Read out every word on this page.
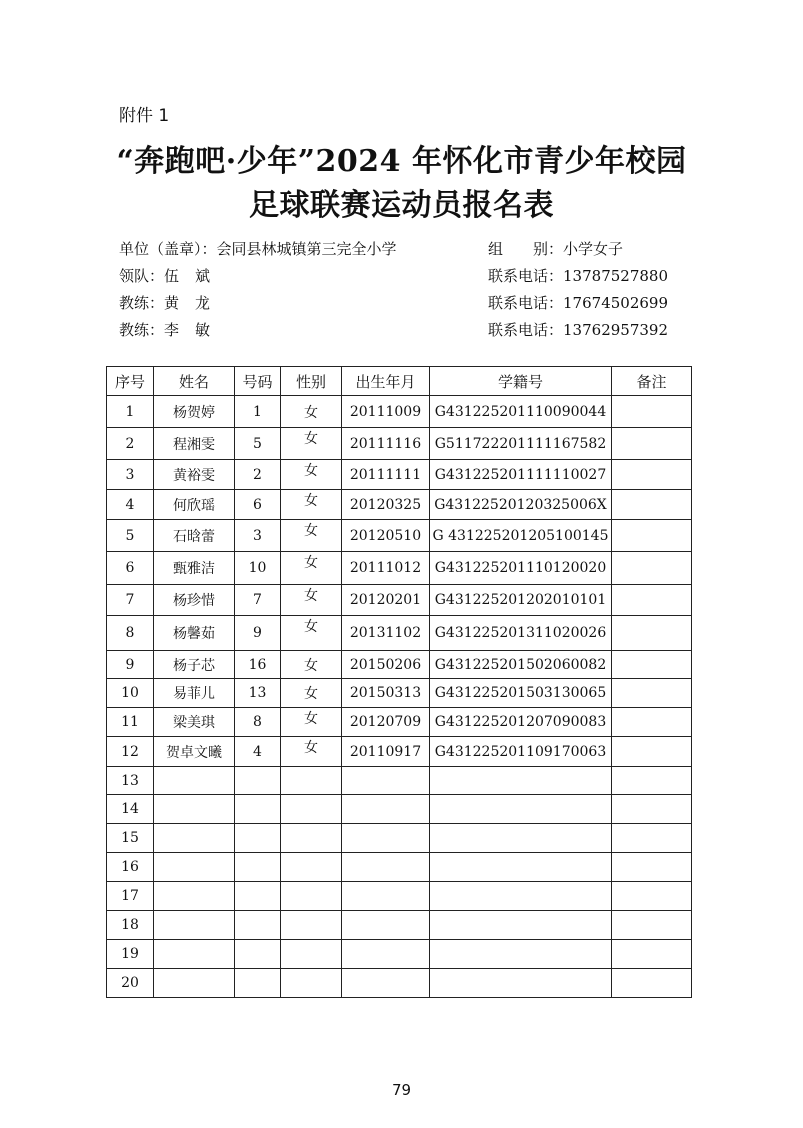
附件 1
“奔跑吧·少年”2024 年怀化市青少年校园
足球联赛运动员报名表
单位（盖章）：会同县林城镇第三完全小学	组 别：小学女子
领队：伍 斌	联系电话：13787527880
教练：黄 龙	联系电话：17674502699
教练：李 敏	联系电话：13762957392
序号	姓名	号码	性别	出生年月	学籍号	备注
1	杨贺婷	1	女	20111009	G431225201110090044	
2	程湘雯	5	女	20111116	G511722201111167582	
3	黄裕雯	2	女	20111111	G431225201111110027	
4	何欣瑶	6	女	20120325	G43122520120325006X	
5	石晗蕾	3	女	20120510	G 431225201205100145	
6	甄雅洁	10	女	20111012	G431225201110120020	
7	杨珍惜	7	女	20120201	G431225201202010101	
8	杨馨茹	9	女	20131102	G431225201311020026	
9	杨子芯	16	女	20150206	G431225201502060082	
10	易菲儿	13	女	20150313	G431225201503130065	
11	梁美琪	8	女	20120709	G431225201207090083	
12	贺卓文曦	4	女	20110917	G431225201109170063	
13						
14						
15						
16						
17						
18						
19						
20						
79
